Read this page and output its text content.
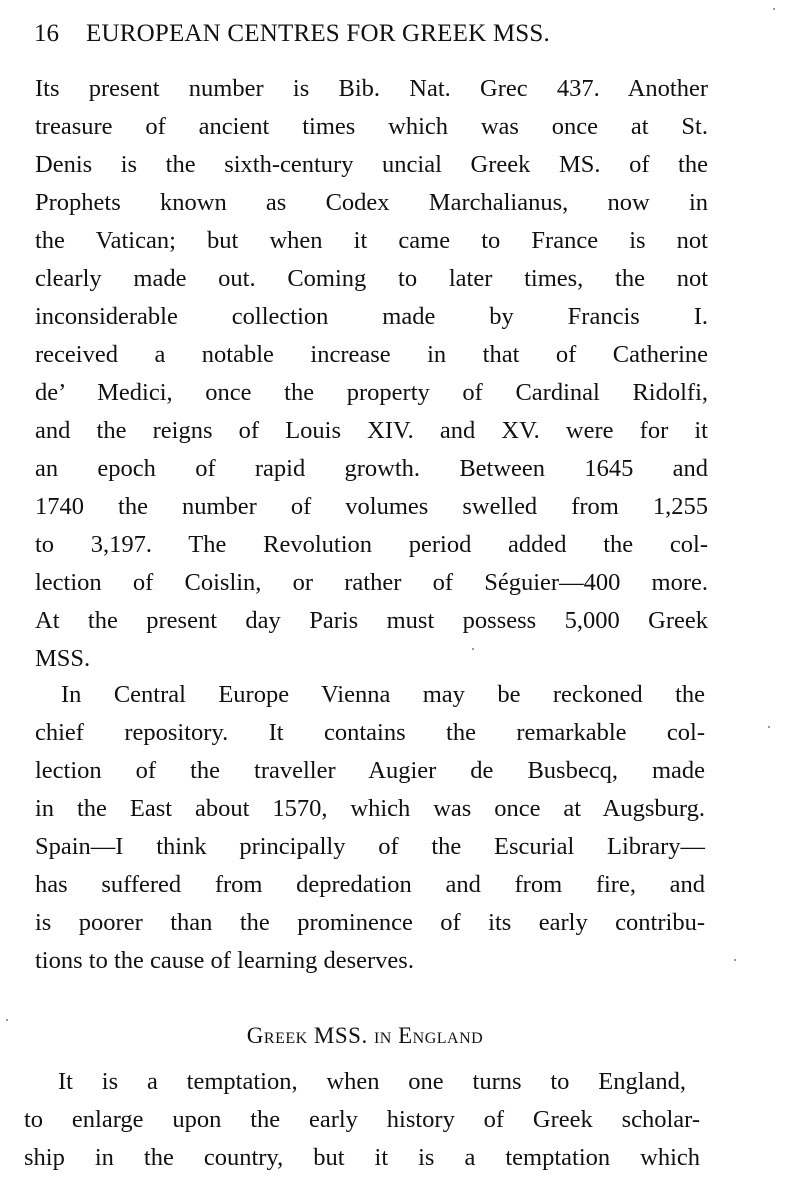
16 EUROPEAN CENTRES FOR GREEK MSS.
Its present number is Bib. Nat. Grec 437. Another
treasure of ancient times which was once at St.
Denis is the sixth-century uncial Greek MS. of the
Prophets known as Codex Marchalianus, now in
the Vatican; but when it came to France is not
clearly made out. Coming to later times, the not
inconsiderable collection made by Francis I.
received a notable increase in that of Catherine
de’ Medici, once the property of Cardinal Ridolfi,
and the reigns of Louis XIV. and XV. were for it
an epoch of rapid growth. Between 1645 and
1740 the number of volumes swelled from 1,255
to 3,197. The Revolution period added the col-
lection of Coislin, or rather of Séguier—400 more.
At the present day Paris must possess 5,000 Greek
MSS.
In Central Europe Vienna may be reckoned the
chief repository. It contains the remarkable col-
lection of the traveller Augier de Busbecq, made
in the East about 1570, which was once at Augsburg.
Spain—I think principally of the Escurial Library—
has suffered from depredation and from fire, and
is poorer than the prominence of its early contribu-
tions to the cause of learning deserves.
Greek MSS. in England
It is a temptation, when one turns to England,
to enlarge upon the early history of Greek scholar-
ship in the country, but it is a temptation which
